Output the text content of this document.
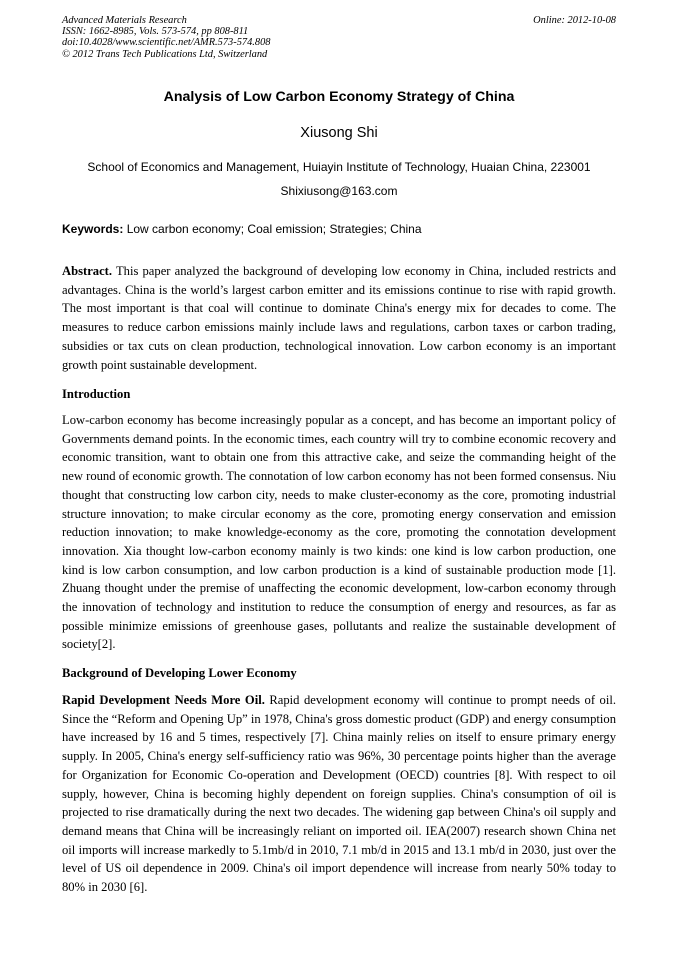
Advanced Materials Research
ISSN: 1662-8985, Vols. 573-574, pp 808-811
doi:10.4028/www.scientific.net/AMR.573-574.808
© 2012 Trans Tech Publications Ltd, Switzerland
Online: 2012-10-08
Analysis of Low Carbon Economy Strategy of China
Xiusong Shi
School of Economics and Management, Huiayin Institute of Technology, Huaian China, 223001
Shixiusong@163.com
Keywords: Low carbon economy; Coal emission; Strategies; China
Abstract. This paper analyzed the background of developing low economy in China, included restricts and advantages. China is the world’s largest carbon emitter and its emissions continue to rise with rapid growth. The most important is that coal will continue to dominate China's energy mix for decades to come. The measures to reduce carbon emissions mainly include laws and regulations, carbon taxes or carbon trading, subsidies or tax cuts on clean production, technological innovation. Low carbon economy is an important growth point sustainable development.
Introduction
Low-carbon economy has become increasingly popular as a concept, and has become an important policy of Governments demand points. In the economic times, each country will try to combine economic recovery and economic transition, want to obtain one from this attractive cake, and seize the commanding height of the new round of economic growth. The connotation of low carbon economy has not been formed consensus. Niu thought that constructing low carbon city, needs to make cluster-economy as the core, promoting industrial structure innovation; to make circular economy as the core, promoting energy conservation and emission reduction innovation; to make knowledge-economy as the core, promoting the connotation development innovation. Xia thought low-carbon economy mainly is two kinds: one kind is low carbon production, one kind is low carbon consumption, and low carbon production is a kind of sustainable production mode [1]. Zhuang thought under the premise of unaffecting the economic development, low-carbon economy through the innovation of technology and institution to reduce the consumption of energy and resources, as far as possible minimize emissions of greenhouse gases, pollutants and realize the sustainable development of society[2].
Background of Developing Lower Economy
Rapid Development Needs More Oil. Rapid development economy will continue to prompt needs of oil. Since the “Reform and Opening Up” in 1978, China's gross domestic product (GDP) and energy consumption have increased by 16 and 5 times, respectively [7]. China mainly relies on itself to ensure primary energy supply. In 2005, China's energy self-sufficiency ratio was 96%, 30 percentage points higher than the average for Organization for Economic Co-operation and Development (OECD) countries [8]. With respect to oil supply, however, China is becoming highly dependent on foreign supplies. China's consumption of oil is projected to rise dramatically during the next two decades. The widening gap between China's oil supply and demand means that China will be increasingly reliant on imported oil. IEA(2007) research shown China net oil imports will increase markedly to 5.1mb/d in 2010, 7.1 mb/d in 2015 and 13.1 mb/d in 2030, just over the level of US oil dependence in 2009. China's oil import dependence will increase from nearly 50% today to 80% in 2030 [6].
